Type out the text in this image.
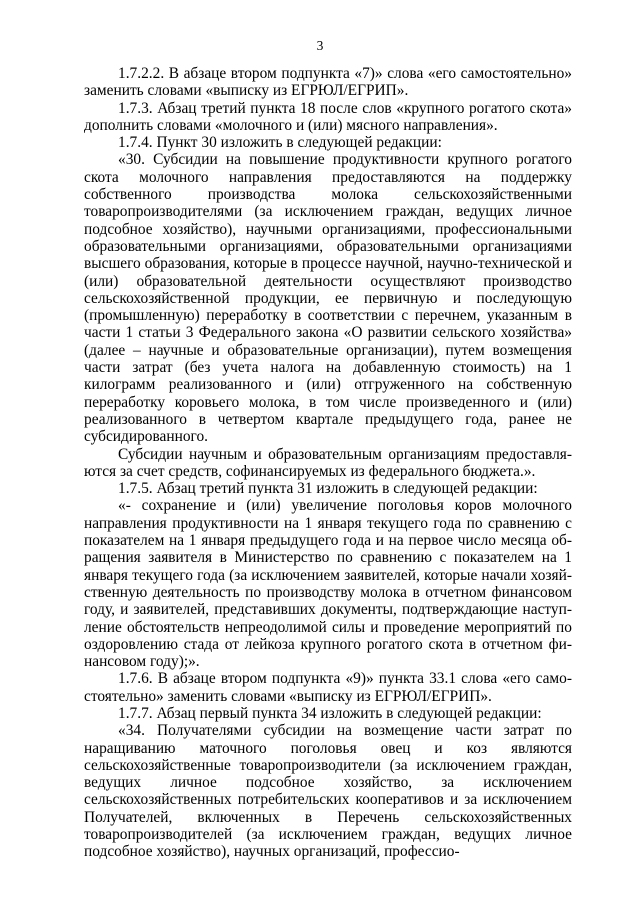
3

1.7.2.2. В абзаце втором подпункта «7)» слова «его самостоятельно» заменить словами «выписку из ЕГРЮЛ/ЕГРИП».

1.7.3. Абзац третий пункта 18 после слов «крупного рогатого скота» дополнить словами «молочного и (или) мясного направления».

1.7.4. Пункт 30 изложить в следующей редакции:

«30. Субсидии на повышение продуктивности крупного рогатого скота молочного направления предоставляются на поддержку собственного производства молока сельскохозяйственными товаропроизводителями (за исключением граждан, ведущих личное подсобное хозяйство), научными организациями, профессиональными образовательными организациями, образовательными организациями высшего образования, которые в процессе научной, научно-технической и (или) образовательной деятельности осуществляют производство сельскохозяйственной продукции, ее первичную и последующую (промышленную) переработку в соответствии с перечнем, указанным в части 1 статьи 3 Федерального закона «О развитии сельского хозяйства» (далее – научные и образовательные организации), путем возмещения части затрат (без учета налога на добавленную стоимость) на 1 килограмм реализованного и (или) отгруженного на собственную переработку коровьего молока, в том числе произведенного и (или) реализованного в четвертом квартале предыдущего года, ранее не субсидированного.

Субсидии научным и образовательным организациям предоставляются за счет средств, софинансируемых из федерального бюджета.».

1.7.5. Абзац третий пункта 31 изложить в следующей редакции:

«- сохранение и (или) увеличение поголовья коров молочного направления продуктивности на 1 января текущего года по сравнению с показателем на 1 января предыдущего года и на первое число месяца обращения заявителя в Министерство по сравнению с показателем на 1 января текущего года (за исключением заявителей, которые начали хозяйственную деятельность по производству молока в отчетном финансовом году, и заявителей, представивших документы, подтверждающие наступление обстоятельств непреодолимой силы и проведение мероприятий по оздоровлению стада от лейкоза крупного рогатого скота в отчетном финансовом году);».

1.7.6. В абзаце втором подпункта «9)» пункта 33.1 слова «его самостоятельно» заменить словами «выписку из ЕГРЮЛ/ЕГРИП».

1.7.7. Абзац первый пункта 34 изложить в следующей редакции:

«34. Получателями субсидии на возмещение части затрат по наращиванию маточного поголовья овец и коз являются сельскохозяйственные товаропроизводители (за исключением граждан, ведущих личное подсобное хозяйство, за исключением сельскохозяйственных потребительских кооперативов и за исключением Получателей, включенных в Перечень сельскохозяйственных товаропроизводителей (за исключением граждан, ведущих личное подсобное хозяйство), научных организаций, профессио-
